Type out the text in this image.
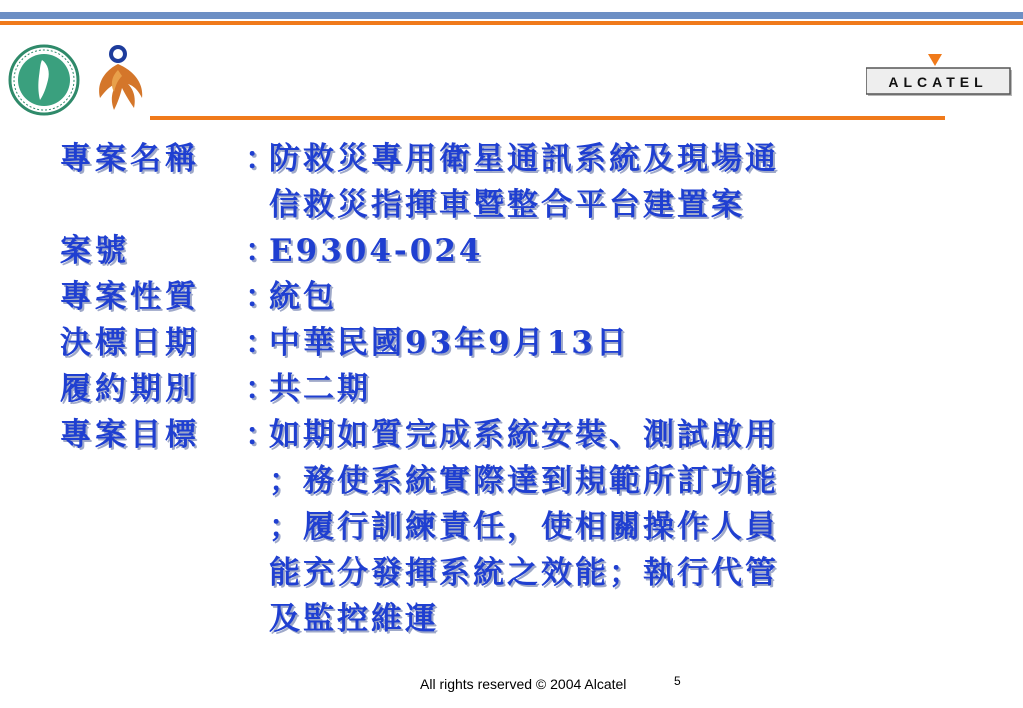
ALCATEL
專案名稱	：
防救災專用衛星通訊系統及現場通
信救災指揮車暨整合平台建置案
案號	：
E9304-024
專案性質	：
統包
決標日期	：
中華民國93年9月13日
履約期別	：
共二期
專案目標	：
如期如質完成系統安裝、測試啟用
；務使系統實際達到規範所訂功能
；履行訓練責任，使相關操作人員
能充分發揮系統之效能；執行代管
及監控維運
All rights reserved © 2004 Alcatel	5
